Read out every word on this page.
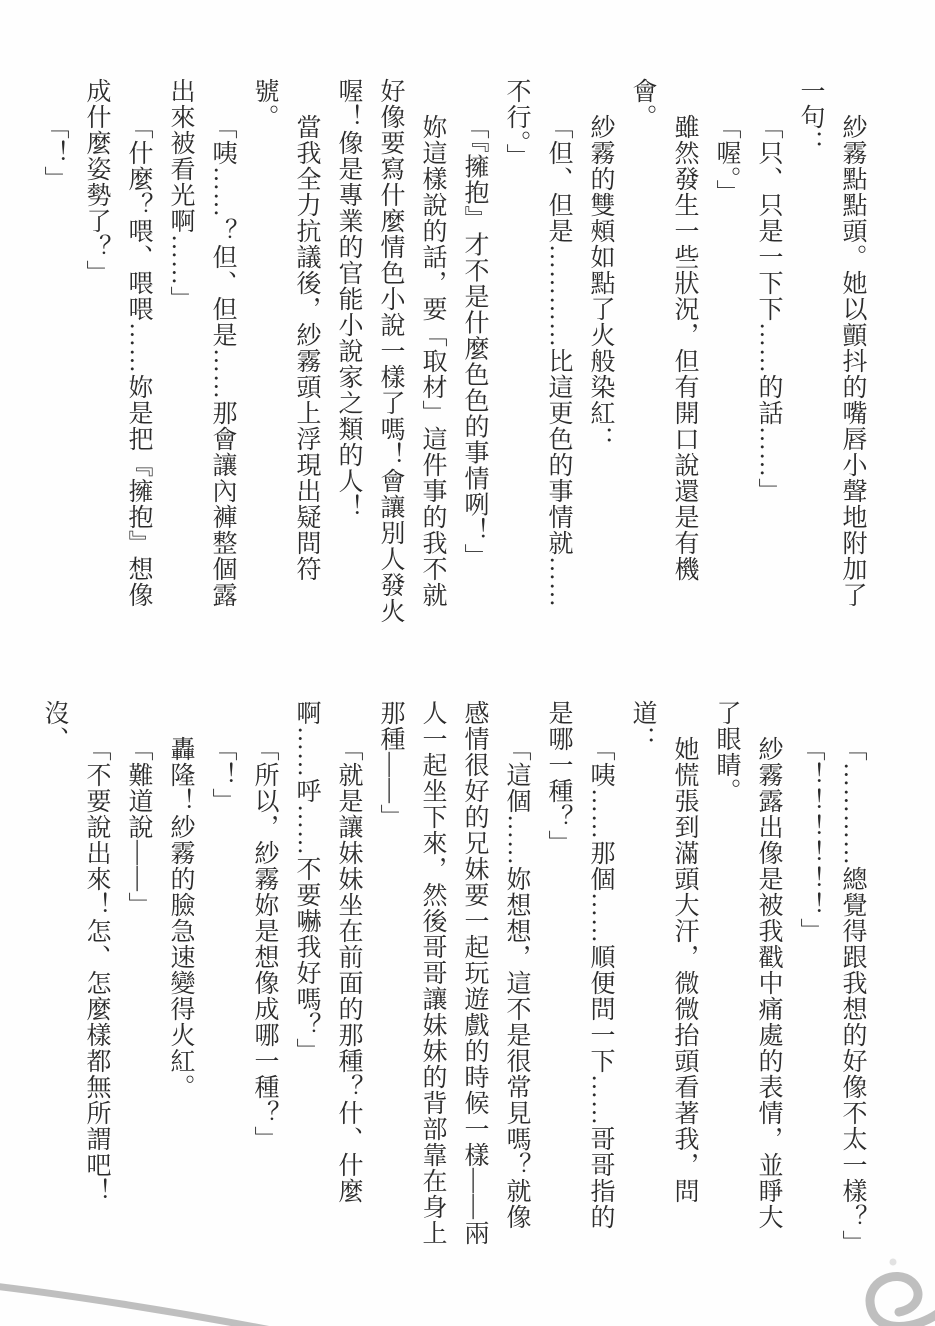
紗霧點點頭。她以顫抖的嘴唇小聲地附加了一句：

「只、只是一下下……的話……」

「喔。」

雖然發生一些狀況，但有開口說還是有機會。

紗霧的雙頰如點了火般染紅：

「但、但是…………比這更色的事情就……不行。」

「『擁抱』才不是什麼色色的事情咧！」

妳這樣說的話，要「取材」這件事的我不就好像要寫什麼情色小說一樣了嗎！會讓別人發火喔！像是專業的官能小說家之類的人！

當我全力抗議後，紗霧頭上浮現出疑問符號。

「咦……？但、但是……那會讓內褲整個露出來被看光啊……」

「什麼？喂、喂喂……妳是把『擁抱』想像成什麼姿勢了？」

「！」

「…………總覺得跟我想的好像不太一樣？」

「！！！！！！」

紗霧露出像是被我戳中痛處的表情，並睜大了眼睛。

她慌張到滿頭大汗，微微抬頭看著我，問道：

「咦……那個……順便問一下……哥哥指的是哪一種？」

「這個……妳想想，這不是很常見嗎？就像感情很好的兄妹要一起玩遊戲的時候一樣——兩人一起坐下來，然後哥哥讓妹妹的背部靠在身上那種——」

「就是讓妹妹坐在前面的那種？什、什麼啊……呼……不要嚇我好嗎？」

「所以，紗霧妳是想像成哪一種？」

「！」

轟隆！紗霧的臉急速變得火紅。

「難道說——」

「不要說出來！怎、怎麼樣都無所謂吧！沒、
